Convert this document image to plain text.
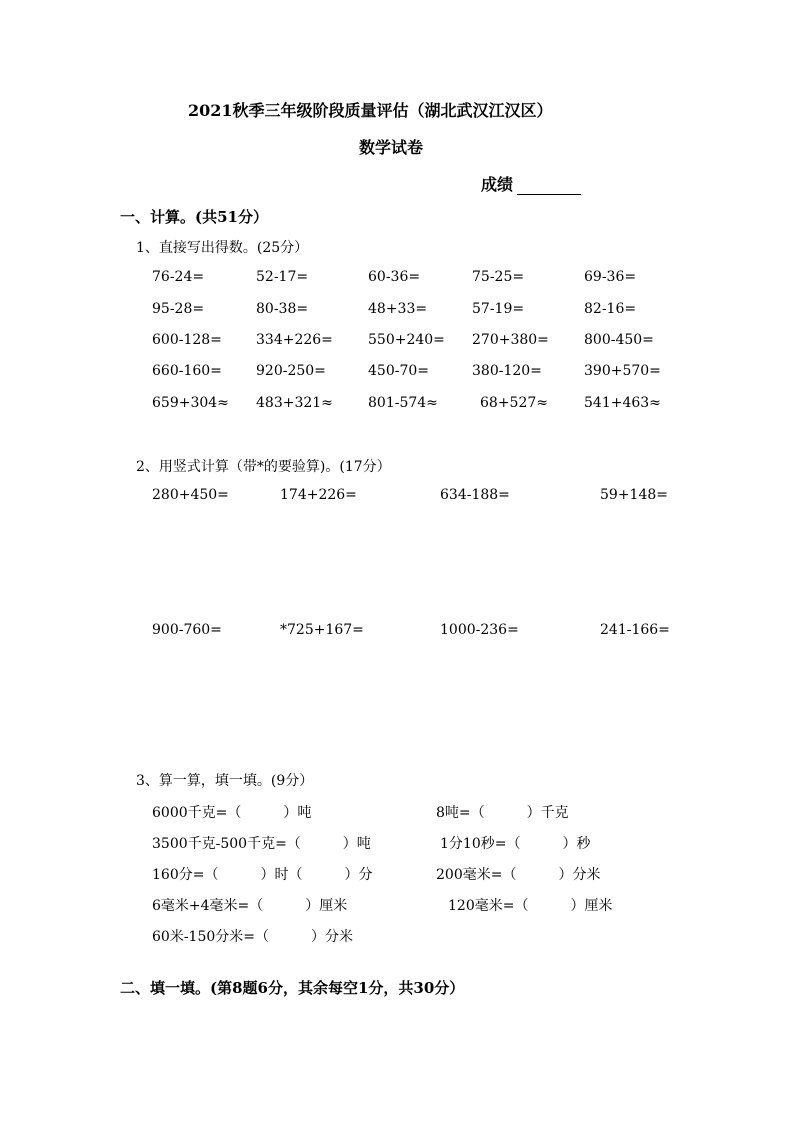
2021秋季三年级阶段质量评估（湖北武汉江汉区）
数学试卷
成绩
一、计算。(共51分）
1、直接写出得数。(25分）
76-24=	52-17=	60-36=	75-25=	69-36=
95-28=	80-38=	48+33=	57-19=	82-16=
600-128= 334+226=	550+240= 270+380=	800-450=
660-160= 920-250=	450-70=	380-120=	390+570=
659+304≈ 483+321≈	801-574≈	68+527≈	541+463≈
2、用竖式计算（带*的要验算)。(17分）
280+450=	174+226=	634-188=	59+148=
900-760=	*725+167=	1000-236=	241-166=
3、算一算，填一填。(9分）
6000千克=（　　　）吨	8吨=（　　　）千克
3500千克-500千克=（　　　）吨	1分10秒=（　　　）秒
160分=（　　　）时（　　　）分	200毫米=（　　　）分米
6毫米+4毫米=（　　　）厘米	120毫米=（　　　）厘米
60米-150分米=（　　　）分米
二、填一填。(第8题6分，其余每空1分，共30分）
